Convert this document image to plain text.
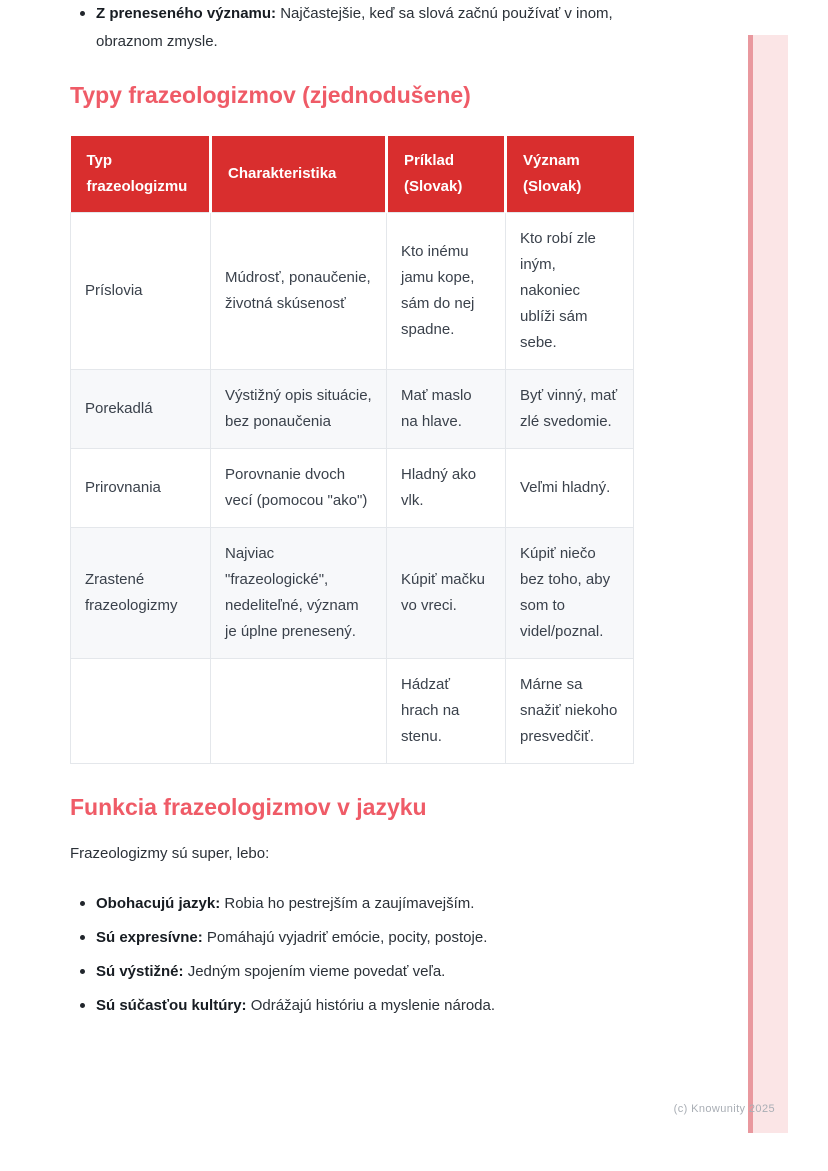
Z preneseného významu: Najčastejšie, keď sa slová začnú používať v inom, obraznom zmysle.
Typy frazeologizmov (zjednodušene)
Typ frazeologizmu	Charakteristika	Príklad (Slovak)	Význam (Slovak)
Príslovia	Múdrosť, ponaučenie, životná skúsenosť	Kto inému jamu kope, sám do nej spadne.	Kto robí zle iným, nakoniec ublíži sám sebe.
Porekadlá	Výstižný opis situácie, bez ponaučenia	Mať maslo na hlave.	Byť vinný, mať zlé svedomie.
Prirovnania	Porovnanie dvoch vecí (pomocou "ako")	Hladný ako vlk.	Veľmi hladný.
Zrastené frazeologizmy	Najviac "frazeologické", nedeliteľné, význam je úplne prenesený.	Kúpiť mačku vo vreci.	Kúpiť niečo bez toho, aby som to videl/poznal.
		Hádzať hrach na stenu.	Márne sa snažiť niekoho presvedčiť.
Funkcia frazeologizmov v jazyku

Frazeologizmy sú super, lebo:

Obohacujú jazyk: Robia ho pestrejším a zaujímavejším.
Sú expresívne: Pomáhajú vyjadriť emócie, pocity, postoje.
Sú výstižné: Jedným spojením vieme povedať veľa.
Sú súčasťou kultúry: Odrážajú históriu a myslenie národa.
(c) Knowunity 2025
